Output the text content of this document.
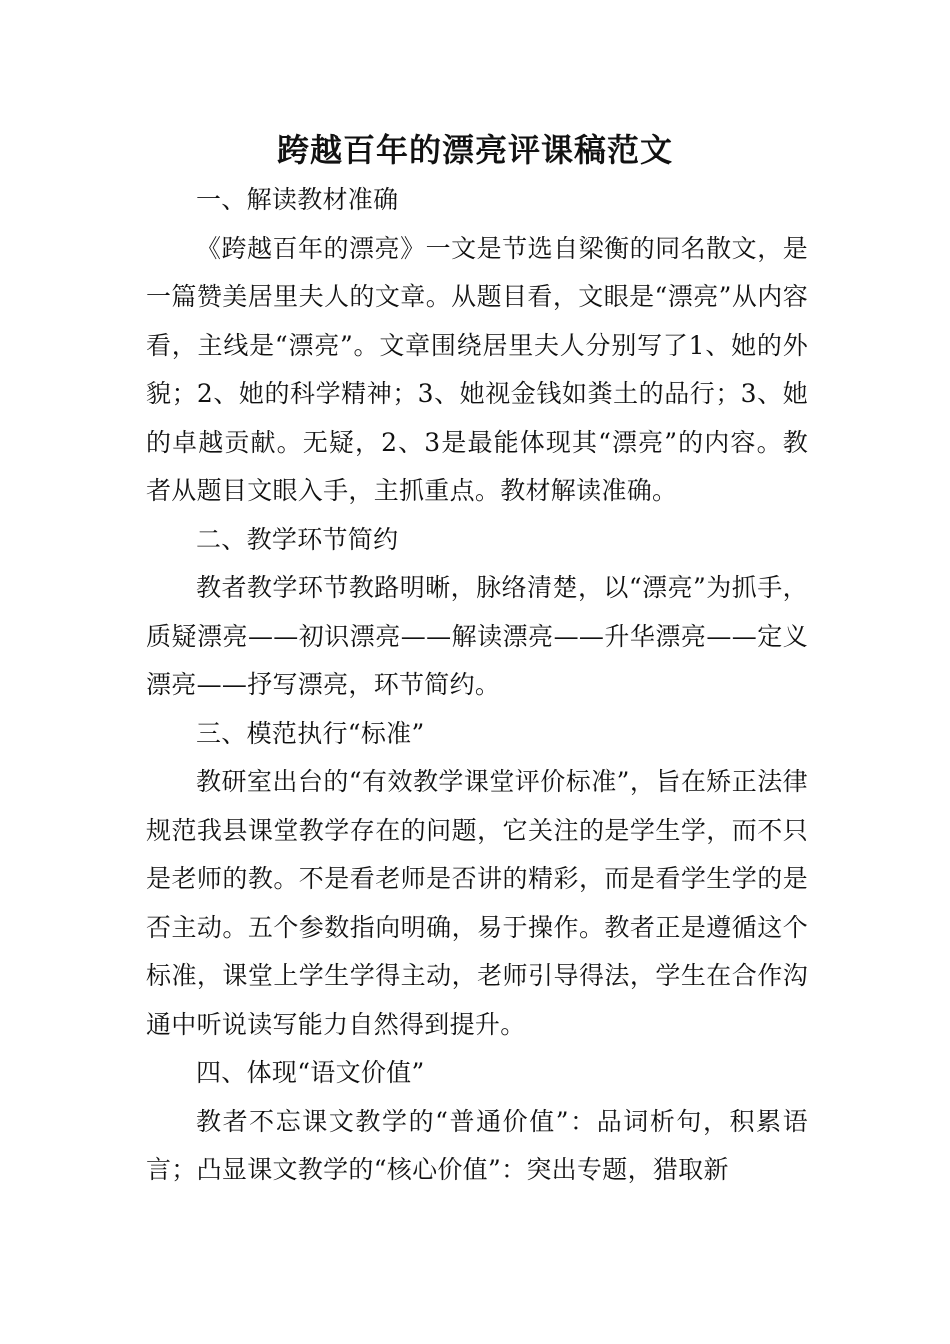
跨越百年的漂亮评课稿范文

一、解读教材准确

《跨越百年的漂亮》一文是节选自梁衡的同名散文，是一篇赞美居里夫人的文章。从题目看，文眼是“漂亮”从内容看，主线是“漂亮”。文章围绕居里夫人分别写了1、她的外貌；2、她的科学精神；3、她视金钱如粪土的品行；3、她的卓越贡献。无疑，2、3是最能体现其“漂亮”的内容。教者从题目文眼入手，主抓重点。教材解读准确。

二、教学环节简约

教者教学环节教路明晰，脉络清楚，以“漂亮”为抓手，质疑漂亮——初识漂亮——解读漂亮——升华漂亮——定义漂亮——抒写漂亮，环节简约。

三、模范执行“标准”

教研室出台的“有效教学课堂评价标准”，旨在矫正法律规范我县课堂教学存在的问题，它关注的是学生学，而不只是老师的教。不是看老师是否讲的精彩，而是看学生学的是否主动。五个参数指向明确，易于操作。教者正是遵循这个标准，课堂上学生学得主动，老师引导得法，学生在合作沟通中听说读写能力自然得到提升。

四、体现“语文价值”

教者不忘课文教学的“普通价值”：品词析句，积累语言；凸显课文教学的“核心价值”：突出专题，猎取新
